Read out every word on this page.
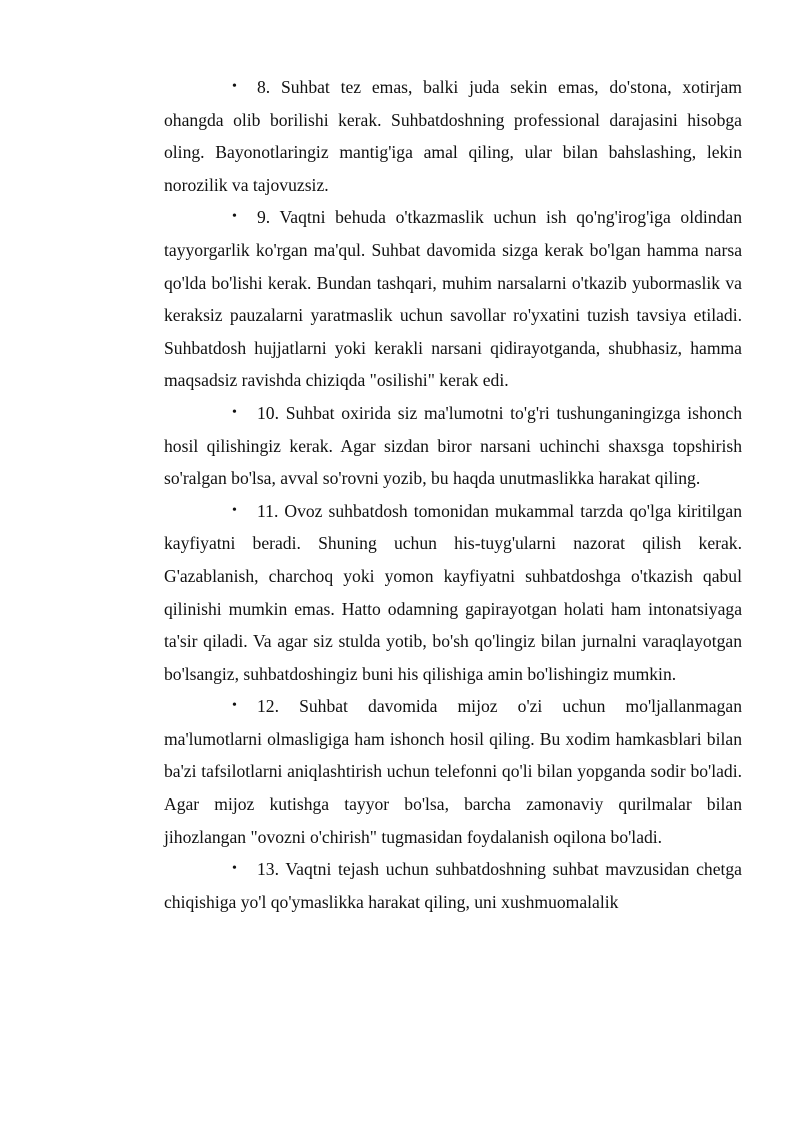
• 8. Suhbat tez emas, balki juda sekin emas, do'stona, xotirjam ohangda olib borilishi kerak. Suhbatdoshning professional darajasini hisobga oling. Bayonotlaringiz mantig'iga amal qiling, ular bilan bahslashing, lekin norozilik va tajovuzsiz.

• 9. Vaqtni behuda o'tkazmaslik uchun ish qo'ng'irog'iga oldindan tayyorgarlik ko'rgan ma'qul. Suhbat davomida sizga kerak bo'lgan hamma narsa qo'lda bo'lishi kerak. Bundan tashqari, muhim narsalarni o'tkazib yubormaslik va keraksiz pauzalarni yaratmaslik uchun savollar ro'yxatini tuzish tavsiya etiladi. Suhbatdosh hujjatlarni yoki kerakli narsani qidirayotganda, shubhasiz, hamma maqsadsiz ravishda chiziqda "osilishi" kerak edi.

• 10. Suhbat oxirida siz ma'lumotni to'g'ri tushunganingizga ishonch hosil qilishingiz kerak. Agar sizdan biror narsani uchinchi shaxsga topshirish so'ralgan bo'lsa, avval so'rovni yozib, bu haqda unutmaslikka harakat qiling.

• 11. Ovoz suhbatdosh tomonidan mukammal tarzda qo'lga kiritilgan kayfiyatni beradi. Shuning uchun his-tuyg'ularni nazorat qilish kerak. G'azablanish, charchoq yoki yomon kayfiyatni suhbatdoshga o'tkazish qabul qilinishi mumkin emas. Hatto odamning gapirayotgan holati ham intonatsiyaga ta'sir qiladi. Va agar siz stulda yotib, bo'sh qo'lingiz bilan jurnalni varaqlayotgan bo'lsangiz, suhbatdoshingiz buni his qilishiga amin bo'lishingiz mumkin.

• 12. Suhbat davomida mijoz o'zi uchun mo'ljallanmagan ma'lumotlarni olmasligiga ham ishonch hosil qiling. Bu xodim hamkasblari bilan ba'zi tafsilotlarni aniqlashtirish uchun telefonni qo'li bilan yopganda sodir bo'ladi. Agar mijoz kutishga tayyor bo'lsa, barcha zamonaviy qurilmalar bilan jihozlangan "ovozni o'chirish" tugmasidan foydalanish oqilona bo'ladi.

• 13. Vaqtni tejash uchun suhbatdoshning suhbat mavzusidan chetga chiqishiga yo'l qo'ymaslikka harakat qiling, uni xushmuomalalik
